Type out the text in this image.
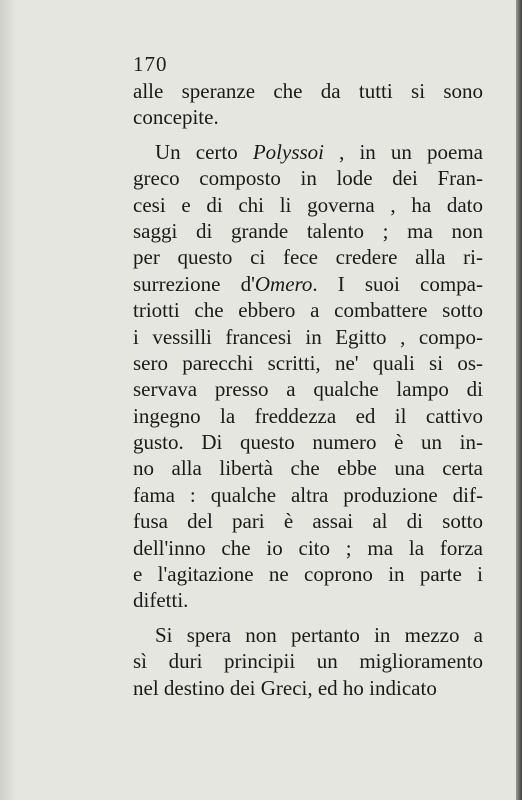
170
alle speranze che da tutti si sono
concepite.
Un certo Polyssoi , in un poema
greco composto in lode dei Fran-
cesi e di chi li governa , ha dato
saggi di grande talento ; ma non
per questo ci fece credere alla ri-
surrezione d'Omero. I suoi compa-
triotti che ebbero a combattere sotto
i vessilli francesi in Egitto , compo-
sero parecchi scritti, ne' quali si os-
servava presso a qualche lampo di
ingegno la freddezza ed il cattivo
gusto. Di questo numero è un in-
no alla libertà che ebbe una certa
fama : qualche altra produzione dif-
fusa del pari è assai al di sotto
dell'inno che io cito ; ma la forza
e l'agitazione ne coprono in parte i
difetti.
Si spera non pertanto in mezzo a
sì duri principii un miglioramento
nel destino dei Greci, ed ho indicato
